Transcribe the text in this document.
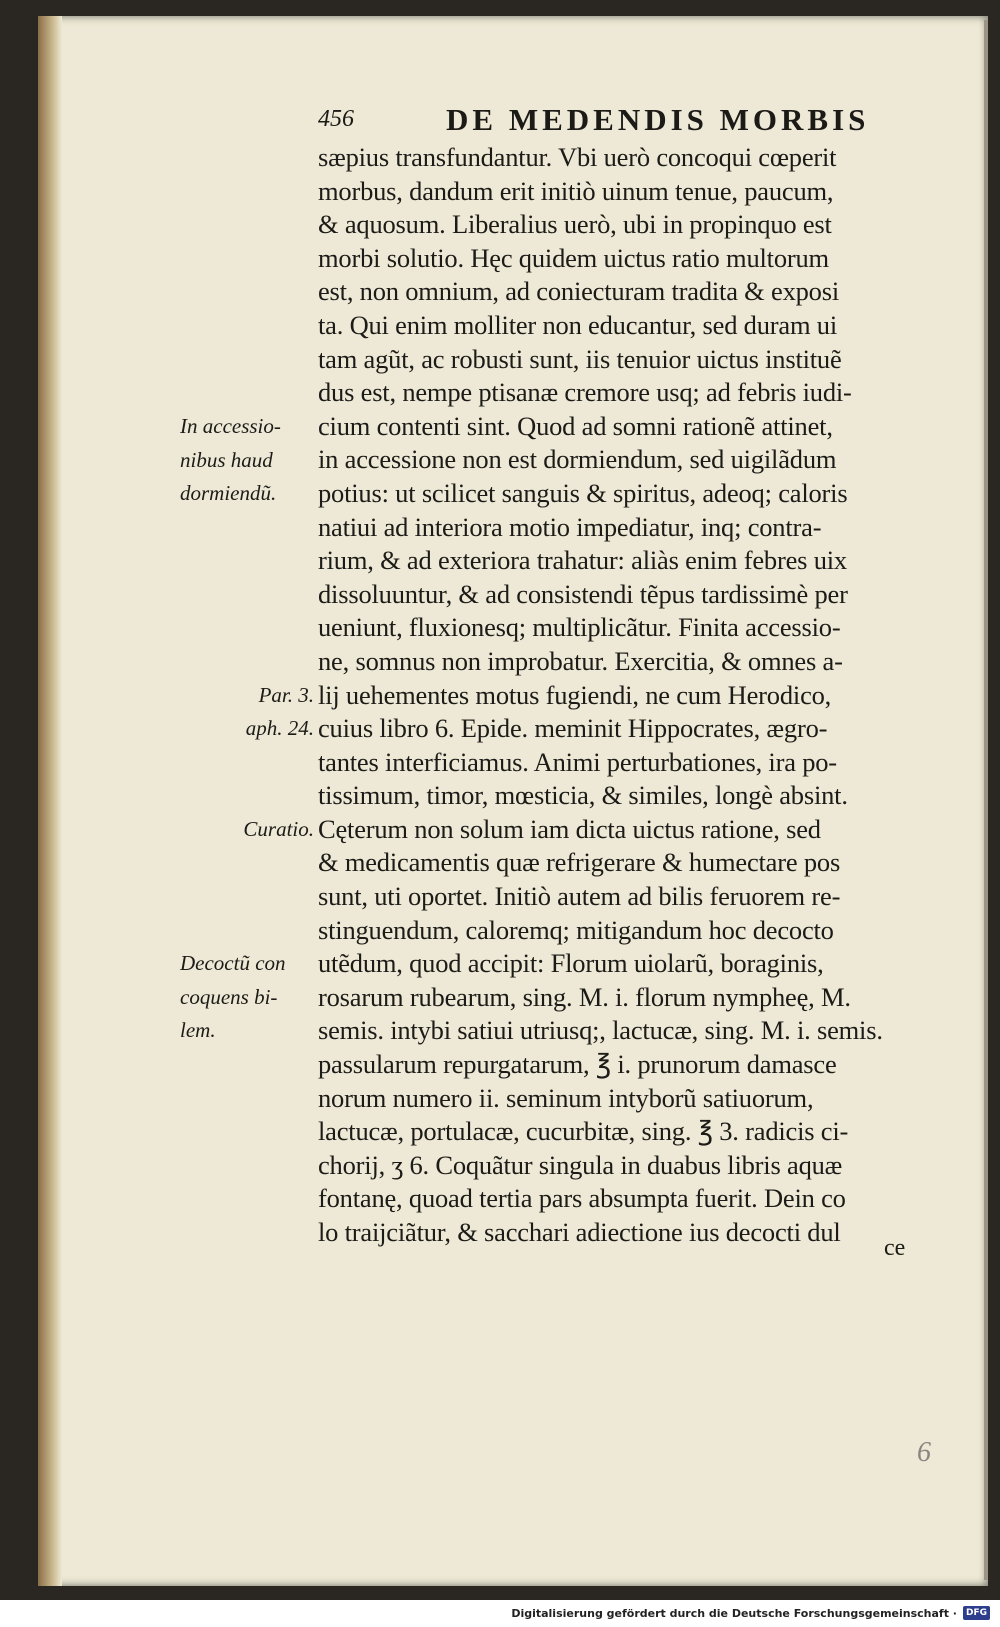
456	DE MEDENDIS MORBIS
sæpius transfundantur. Vbi uerò concoqui cœperit
morbus, dandum erit initiò uinum tenue, paucum,
& aquosum. Liberalius uerò, ubi in propinquo est
morbi solutio. Hęc quidem uictus ratio multorum
est, non omnium, ad coniecturam tradita & exposi
ta. Qui enim molliter non educantur, sed duram ui
tam agũt, ac robusti sunt, iis tenuior uictus instituẽ
dus est, nempe ptisanæ cremore usq; ad febris iudi-
cium contenti sint. Quod ad somni rationẽ attinet,
in accessione non est dormiendum, sed uigilãdum
potius: ut scilicet sanguis & spiritus, adeoq; caloris
natiui ad interiora motio impediatur, inq; contra-
rium, & ad exteriora trahatur: aliàs enim febres uix
dissoluuntur, & ad consistendi tẽpus tardissimè per
ueniunt, fluxionesq; multiplicãtur. Finita accessio-
ne, somnus non improbatur. Exercitia, & omnes a-
lij uehementes motus fugiendi, ne cum Herodico,
cuius libro 6. Epide. meminit Hippocrates, ægro-
tantes interficiamus. Animi perturbationes, ira po-
tissimum, timor, mœsticia, & similes, longè absint.
Cęterum non solum iam dicta uictus ratione, sed
& medicamentis quæ refrigerare & humectare pos
sunt, uti oportet. Initiò autem ad bilis feruorem re-
stinguendum, caloremq; mitigandum hoc decocto
utẽdum, quod accipit: Florum uiolarũ, boraginis,
rosarum rubearum, sing. M. i. florum nympheę, M.
semis. intybi satiui utriusq;, lactucæ, sing. M. i. semis.
passularum repurgatarum, ℥ i. prunorum damasce
norum numero ii. seminum intyborũ satiuorum,
lactucæ, portulacæ, cucurbitæ, sing. ℥ 3. radicis ci-
chorij, ʒ 6. Coquãtur singula in duabus libris aquæ
fontanę, quoad tertia pars absumpta fuerit. Dein co
lo traijciãtur, & sacchari adiectione ius decocti dul
In accessio-
nibus haud
dormiendũ.
Par. 3.
aph. 24.
Curatio.
Decoctũ con
coquens bi-
lem.
ce
6
Digitalisierung gefördert durch die Deutsche Forschungsgemeinschaft ·	DFG
